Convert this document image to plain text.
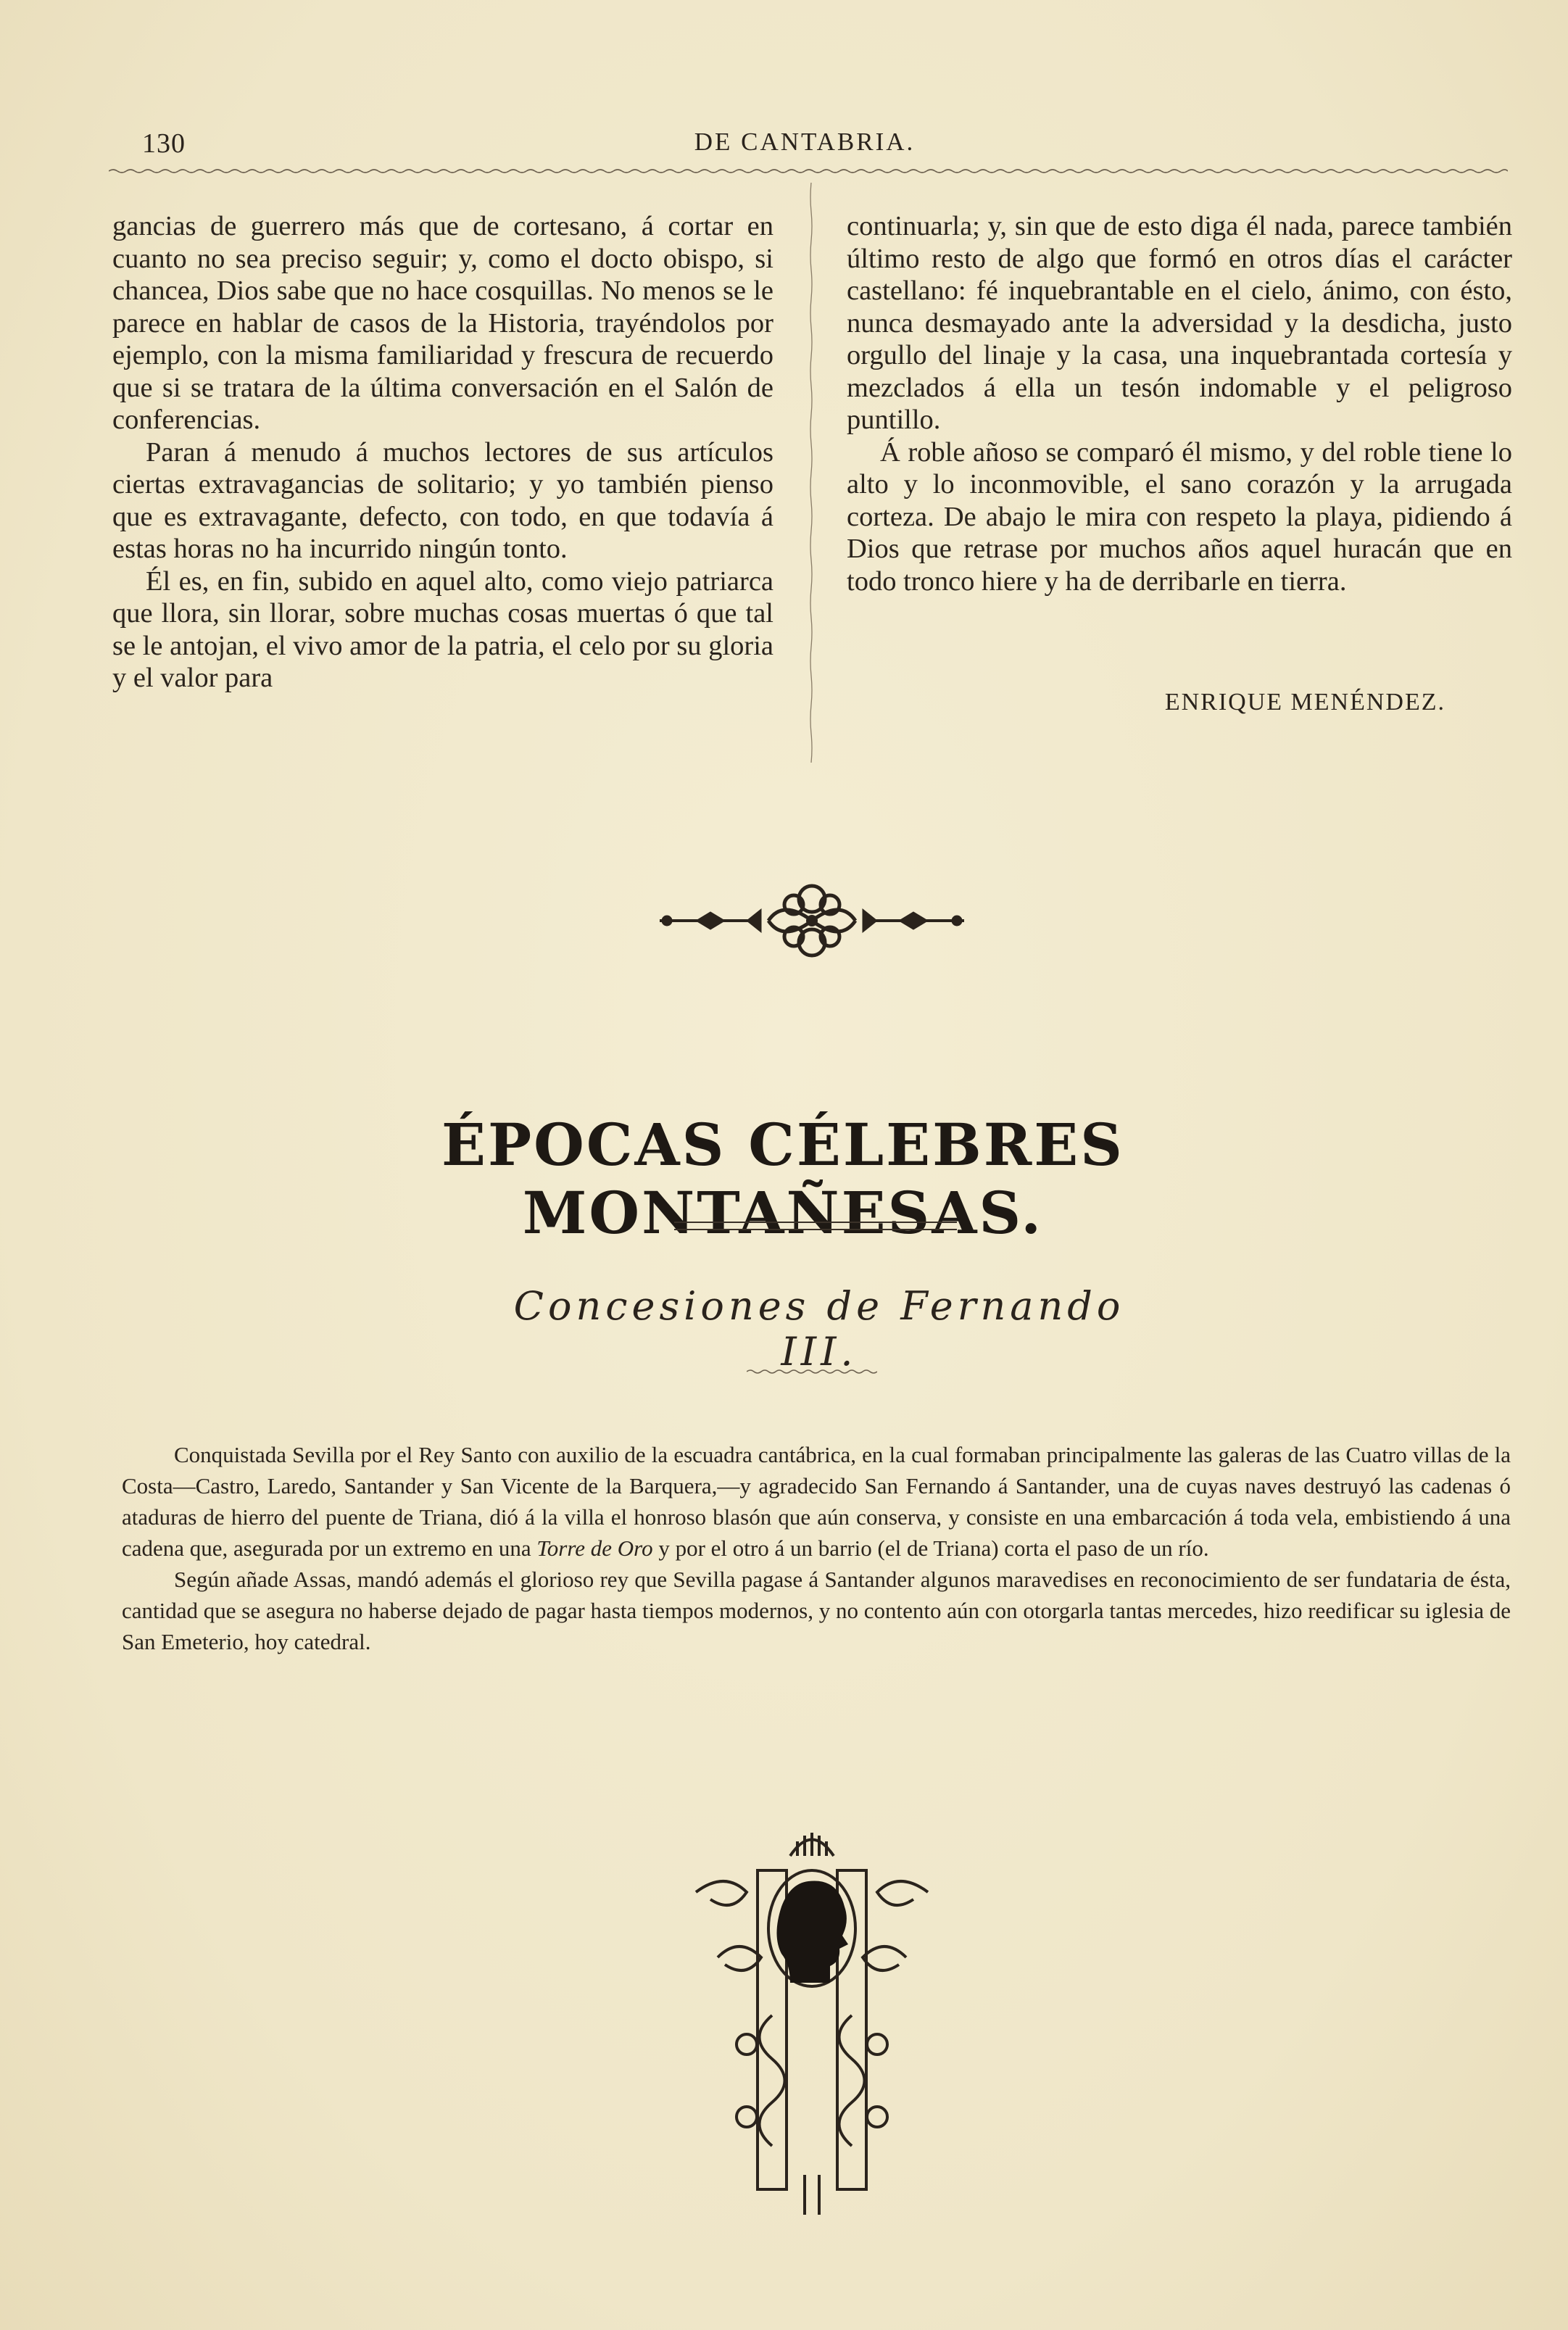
130	DE CANTABRIA.

gancias de guerrero más que de cortesano, á cortar en cuanto no sea preciso seguir; y, como el docto obispo, si chancea, Dios sabe que no hace cosquillas. No menos se le parece en hablar de casos de la Historia, trayéndolos por ejemplo, con la misma familiaridad y frescura de recuerdo que si se tratara de la última conversación en el Salón de conferencias.

Paran á menudo á muchos lectores de sus artículos ciertas extravagancias de solitario; y yo también pienso que es extravagante, defecto, con todo, en que todavía á estas horas no ha incurrido ningún tonto.

Él es, en fin, subido en aquel alto, como viejo patriarca que llora, sin llorar, sobre muchas cosas muertas ó que tal se le antojan, el vivo amor de la patria, el celo por su gloria y el valor para

continuarla; y, sin que de esto diga él nada, parece también último resto de algo que formó en otros días el carácter castellano: fé inquebrantable en el cielo, ánimo, con ésto, nunca desmayado ante la adversidad y la desdicha, justo orgullo del linaje y la casa, una inquebrantada cortesía y mezclados á ella un tesón indomable y el peligroso puntillo.

Á roble añoso se comparó él mismo, y del roble tiene lo alto y lo inconmovible, el sano corazón y la arrugada corteza. De abajo le mira con respeto la playa, pidiendo á Dios que retrase por muchos años aquel huracán que en todo tronco hiere y ha de derribarle en tierra.

ENRIQUE MENÉNDEZ.
ÉPOCAS CÉLEBRES MONTAÑESAS.
Concesiones de Fernando III.

Conquistada Sevilla por el Rey Santo con auxilio de la escuadra cantábrica, en la cual formaban principalmente las galeras de las Cuatro villas de la Costa—Castro, Laredo, Santander y San Vicente de la Barquera,—y agradecido San Fernando á Santander, una de cuyas naves destruyó las cadenas ó ataduras de hierro del puente de Triana, dió á la villa el honroso blasón que aún conserva, y consiste en una embarcación á toda vela, embistiendo á una cadena que, asegurada por un extremo en una Torre de Oro y por el otro á un barrio (el de Triana) corta el paso de un río.

Según añade Assas, mandó además el glorioso rey que Sevilla pagase á Santander algunos maravedises en reconocimiento de ser fundataria de ésta, cantidad que se asegura no haberse dejado de pagar hasta tiempos modernos, y no contento aún con otorgarla tantas mercedes, hizo reedificar su iglesia de San Emeterio, hoy catedral.
